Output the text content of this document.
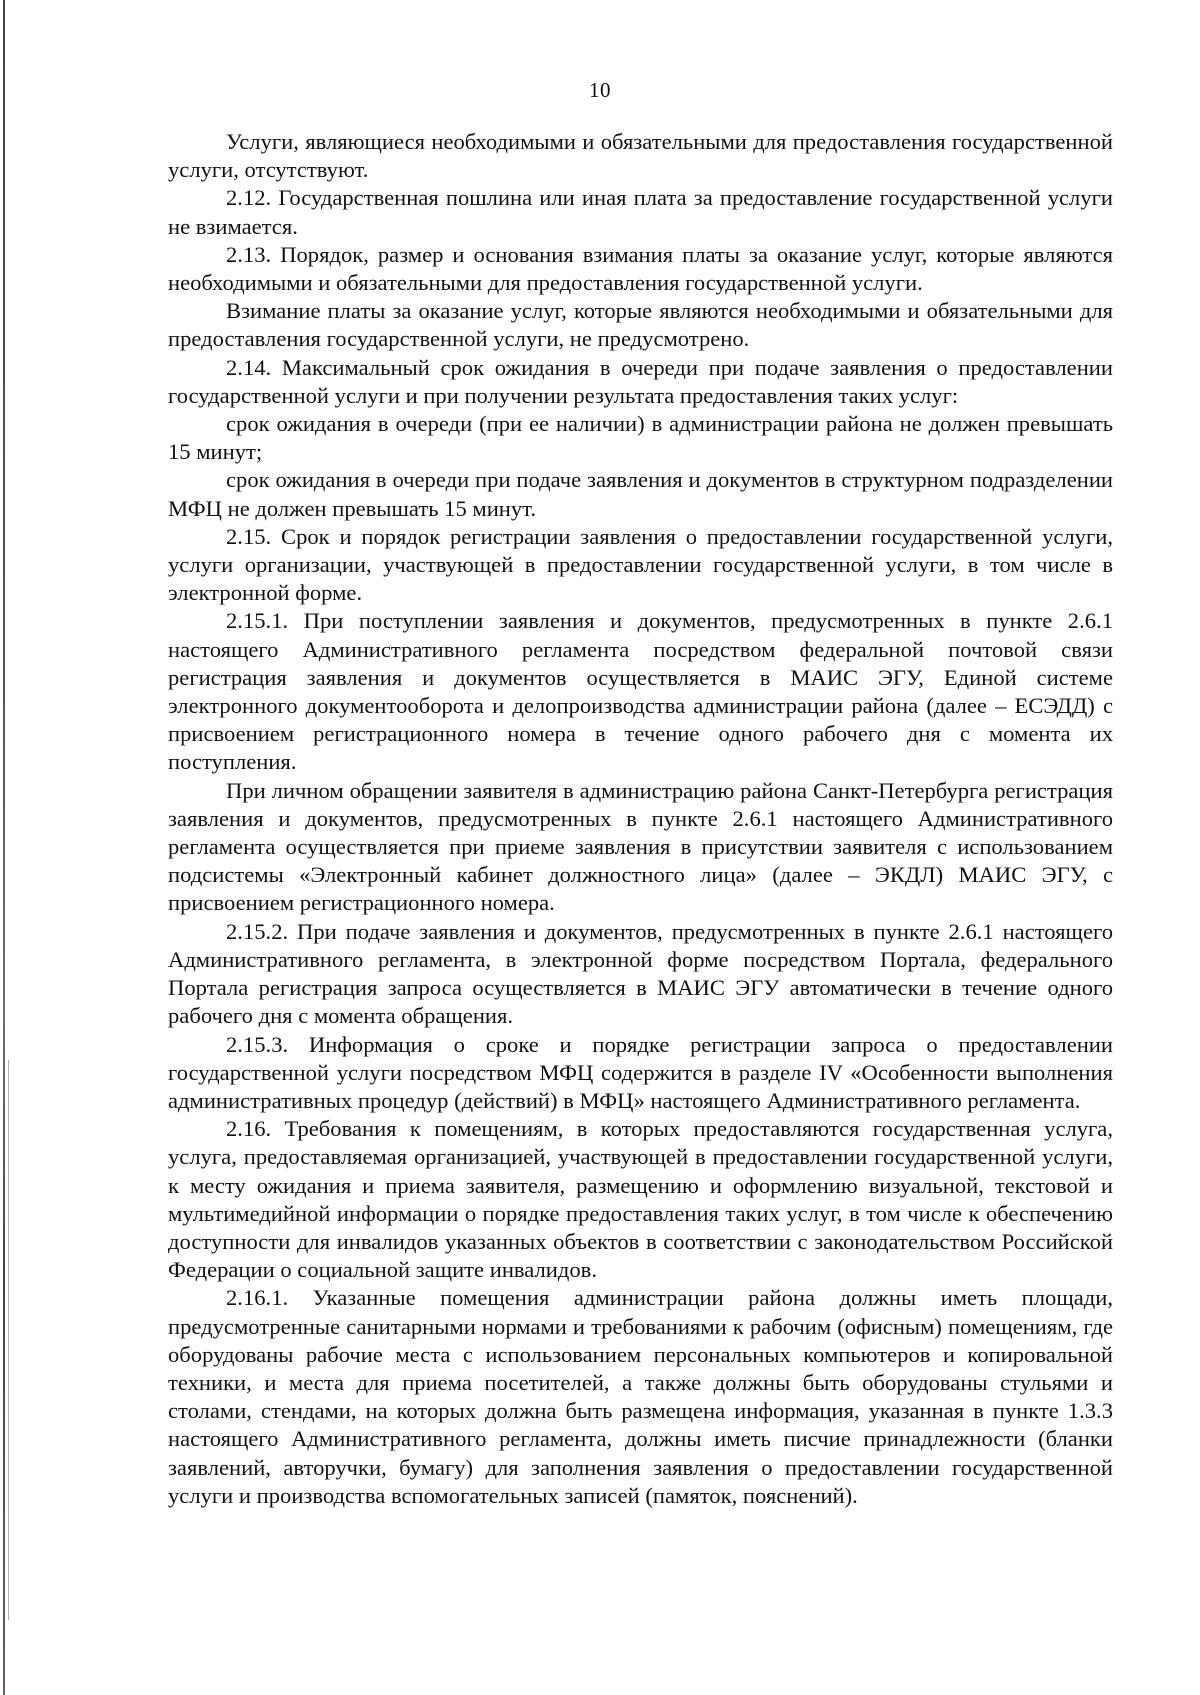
10

Услуги, являющиеся необходимыми и обязательными для предоставления государственной услуги, отсутствуют.

2.12. Государственная пошлина или иная плата за предоставление государственной услуги не взимается.

2.13. Порядок, размер и основания взимания платы за оказание услуг, которые являются необходимыми и обязательными для предоставления государственной услуги.

Взимание платы за оказание услуг, которые являются необходимыми и обязательными для предоставления государственной услуги, не предусмотрено.

2.14. Максимальный срок ожидания в очереди при подаче заявления о предоставлении государственной услуги и при получении результата предоставления таких услуг:

срок ожидания в очереди (при ее наличии) в администрации района не должен превышать 15 минут;

срок ожидания в очереди при подаче заявления и документов в структурном подразделении МФЦ не должен превышать 15 минут.

2.15. Срок и порядок регистрации заявления о предоставлении государственной услуги, услуги организации, участвующей в предоставлении государственной услуги, в том числе в электронной форме.

2.15.1. При поступлении заявления и документов, предусмотренных в пункте 2.6.1 настоящего Административного регламента посредством федеральной почтовой связи регистрация заявления и документов осуществляется в МАИС ЭГУ, Единой системе электронного документооборота и делопроизводства администрации района (далее – ЕСЭДД) с присвоением регистрационного номера в течение одного рабочего дня с момента их поступления.

При личном обращении заявителя в администрацию района Санкт-Петербурга регистрация заявления и документов, предусмотренных в пункте 2.6.1 настоящего Административного регламента осуществляется при приеме заявления в присутствии заявителя с использованием подсистемы «Электронный кабинет должностного лица» (далее – ЭКДЛ) МАИС ЭГУ, с присвоением регистрационного номера.

2.15.2. При подаче заявления и документов, предусмотренных в пункте 2.6.1 настоящего Административного регламента, в электронной форме посредством Портала, федерального Портала регистрация запроса осуществляется в МАИС ЭГУ автоматически в течение одного рабочего дня с момента обращения.

2.15.3. Информация о сроке и порядке регистрации запроса о предоставлении государственной услуги посредством МФЦ содержится в разделе IV «Особенности выполнения административных процедур (действий) в МФЦ» настоящего Административного регламента.

2.16. Требования к помещениям, в которых предоставляются государственная услуга, услуга, предоставляемая организацией, участвующей в предоставлении государственной услуги, к месту ожидания и приема заявителя, размещению и оформлению визуальной, текстовой и мультимедийной информации о порядке предоставления таких услуг, в том числе к обеспечению доступности для инвалидов указанных объектов в соответствии с законодательством Российской Федерации о социальной защите инвалидов.

2.16.1. Указанные помещения администрации района должны иметь площади, предусмотренные санитарными нормами и требованиями к рабочим (офисным) помещениям, где оборудованы рабочие места с использованием персональных компьютеров и копировальной техники, и места для приема посетителей, а также должны быть оборудованы стульями и столами, стендами, на которых должна быть размещена информация, указанная в пункте 1.3.3 настоящего Административного регламента, должны иметь писчие принадлежности (бланки заявлений, авторучки, бумагу) для заполнения заявления о предоставлении государственной услуги и производства вспомогательных записей (памяток, пояснений).
